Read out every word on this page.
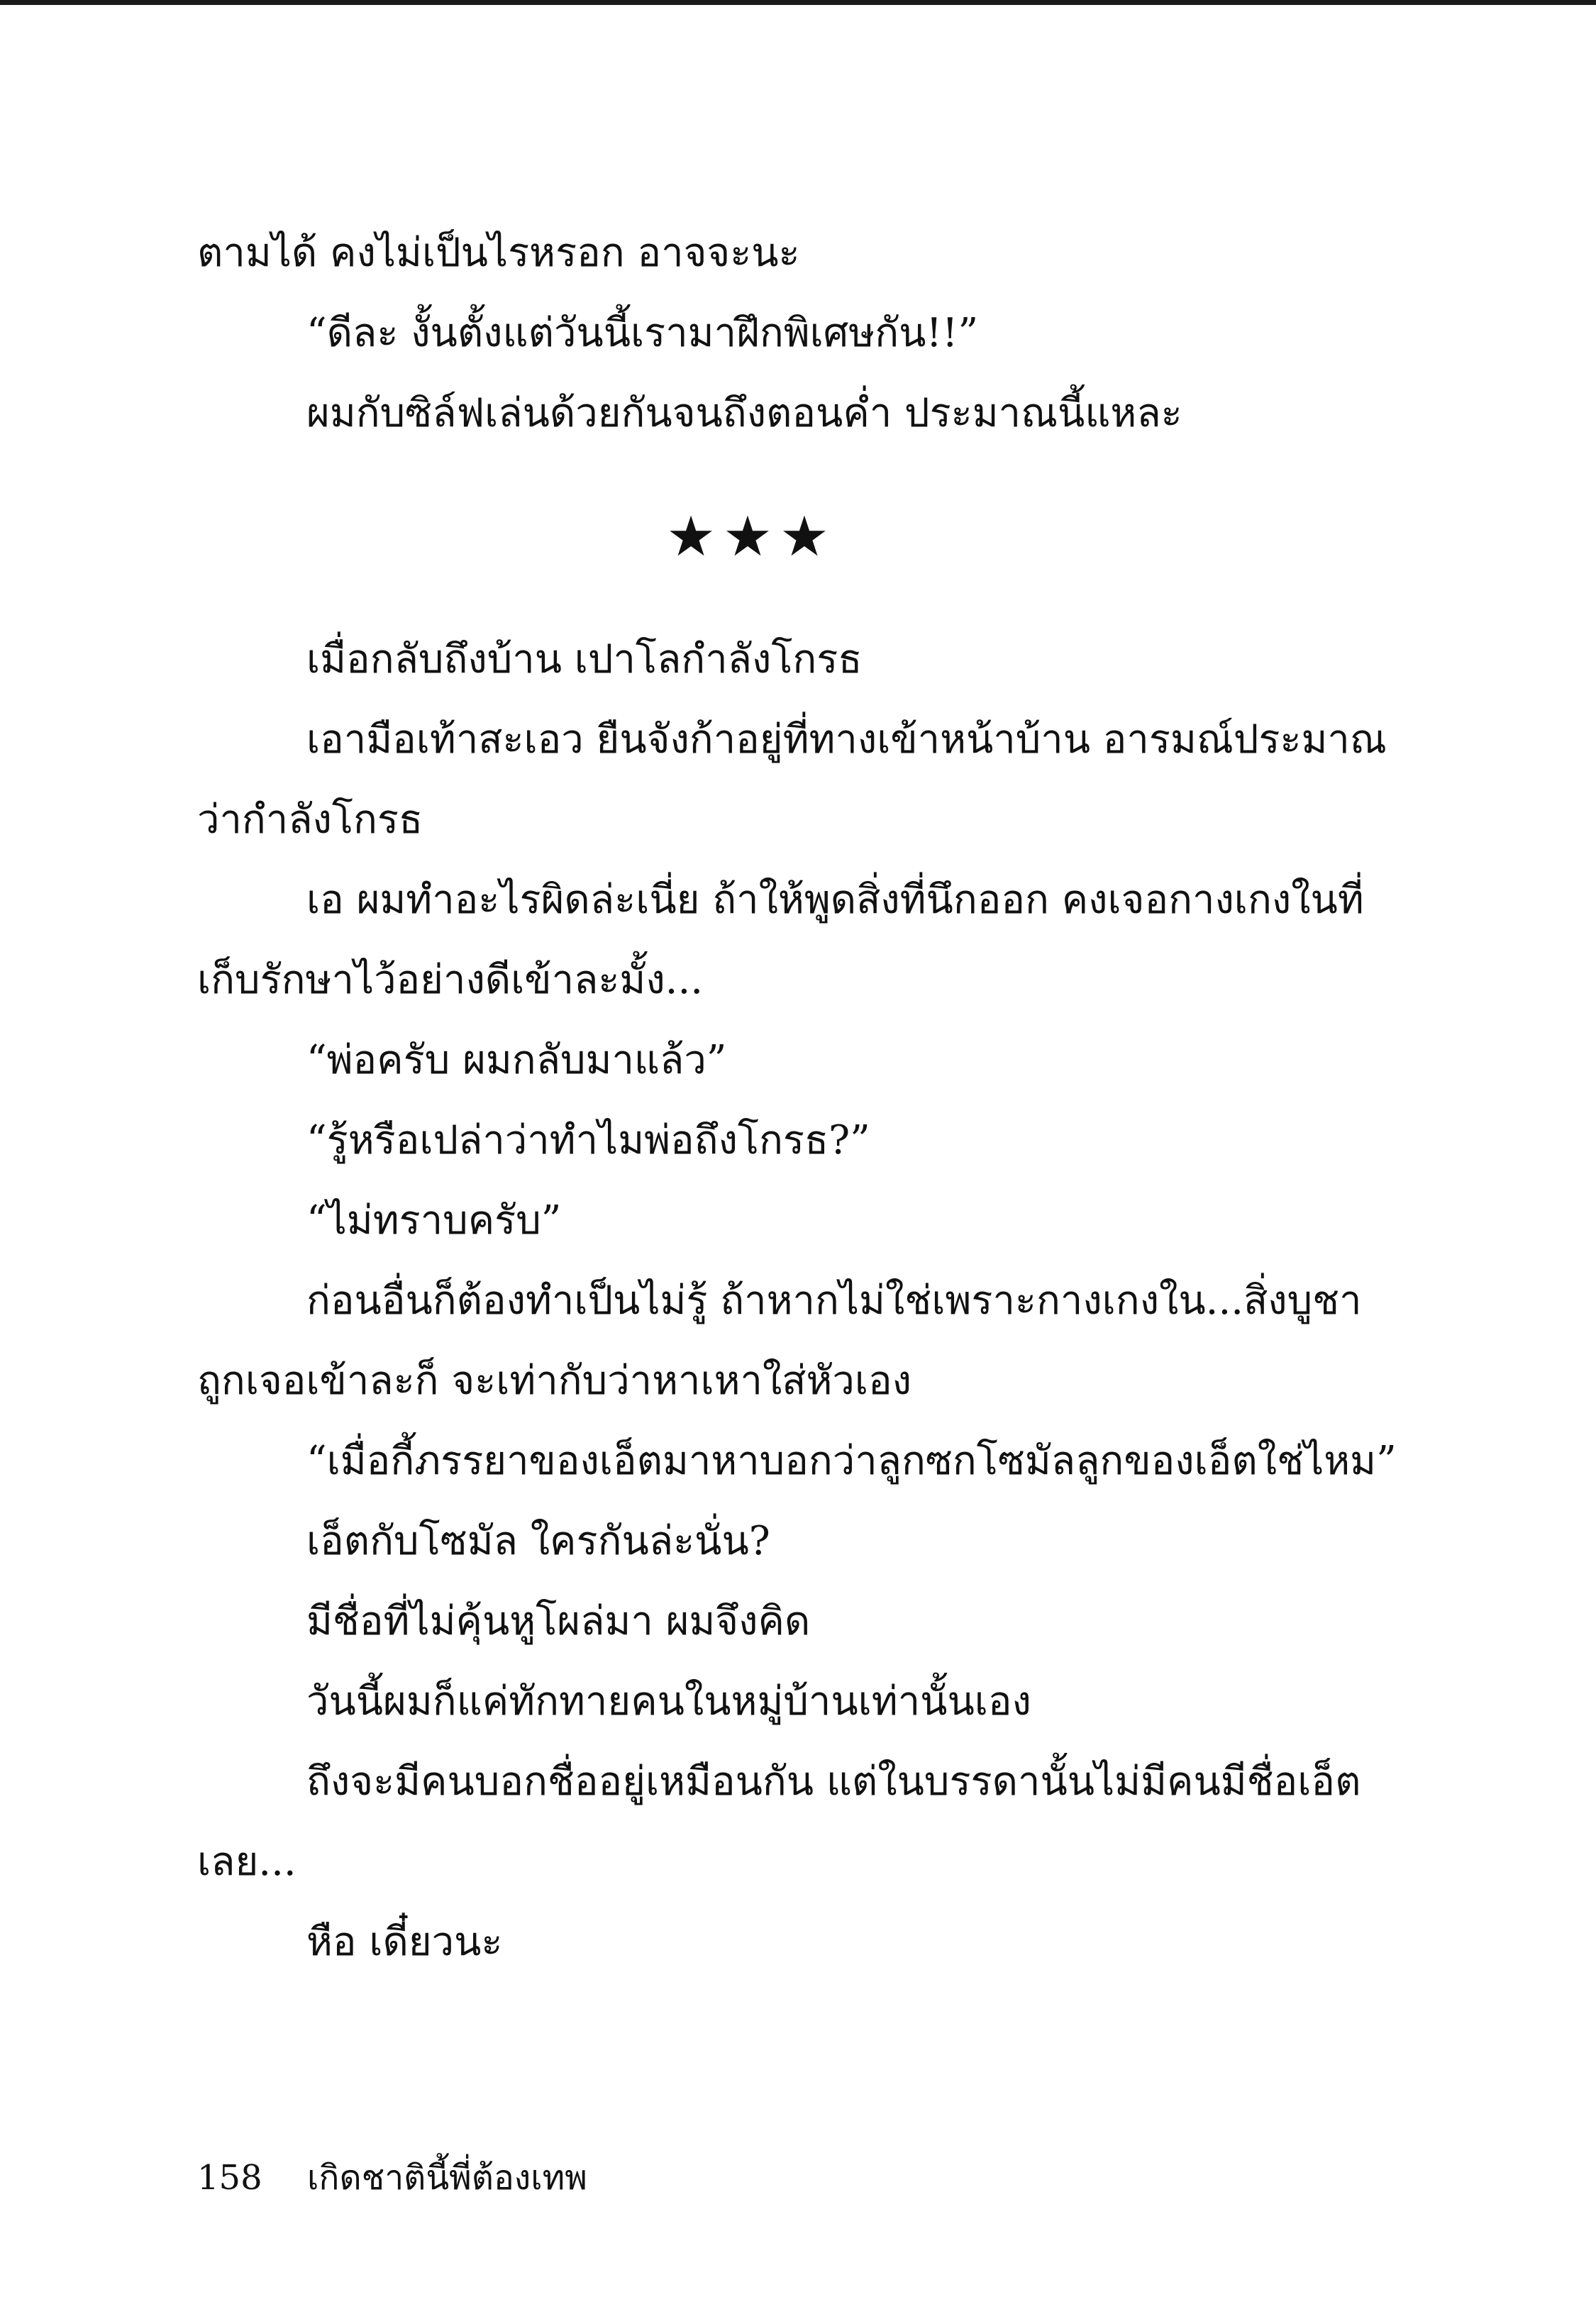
ตามได้ คงไม่เป็นไรหรอก อาจจะนะ

“ดีละ งั้นตั้งแต่วันนี้เรามาฝึกพิเศษกัน!!”

ผมกับซิล์ฟเล่นด้วยกันจนถึงตอนค่ำ ประมาณนี้แหละ

★★★

เมื่อกลับถึงบ้าน เปาโลกำลังโกรธ

เอามือเท้าสะเอว ยืนจังก้าอยู่ที่ทางเข้าหน้าบ้าน อารมณ์ประมาณ

ว่ากำลังโกรธ

เอ ผมทำอะไรผิดล่ะเนี่ย ถ้าให้พูดสิ่งที่นึกออก คงเจอกางเกงในที่

เก็บรักษาไว้อย่างดีเข้าละมั้ง...

“พ่อครับ ผมกลับมาแล้ว”

“รู้หรือเปล่าว่าทำไมพ่อถึงโกรธ?”

“ไม่ทราบครับ”

ก่อนอื่นก็ต้องทำเป็นไม่รู้ ถ้าหากไม่ใช่เพราะกางเกงใน...สิ่งบูชา

ถูกเจอเข้าละก็ จะเท่ากับว่าหาเหาใส่หัวเอง

“เมื่อกี้ภรรยาของเอ็ตมาหาบอกว่าลูกซกโซมัลลูกของเอ็ตใช่ไหม”

เอ็ตกับโซมัล ใครกันล่ะนั่น?

มีชื่อที่ไม่คุ้นหูโผล่มา ผมจึงคิด

วันนี้ผมก็แค่ทักทายคนในหมู่บ้านเท่านั้นเอง

ถึงจะมีคนบอกชื่ออยู่เหมือนกัน แต่ในบรรดานั้นไม่มีคนมีชื่อเอ็ต

เลย...

หือ เดี๋ยวนะ

158 เกิดชาตินี้พี่ต้องเทพ
